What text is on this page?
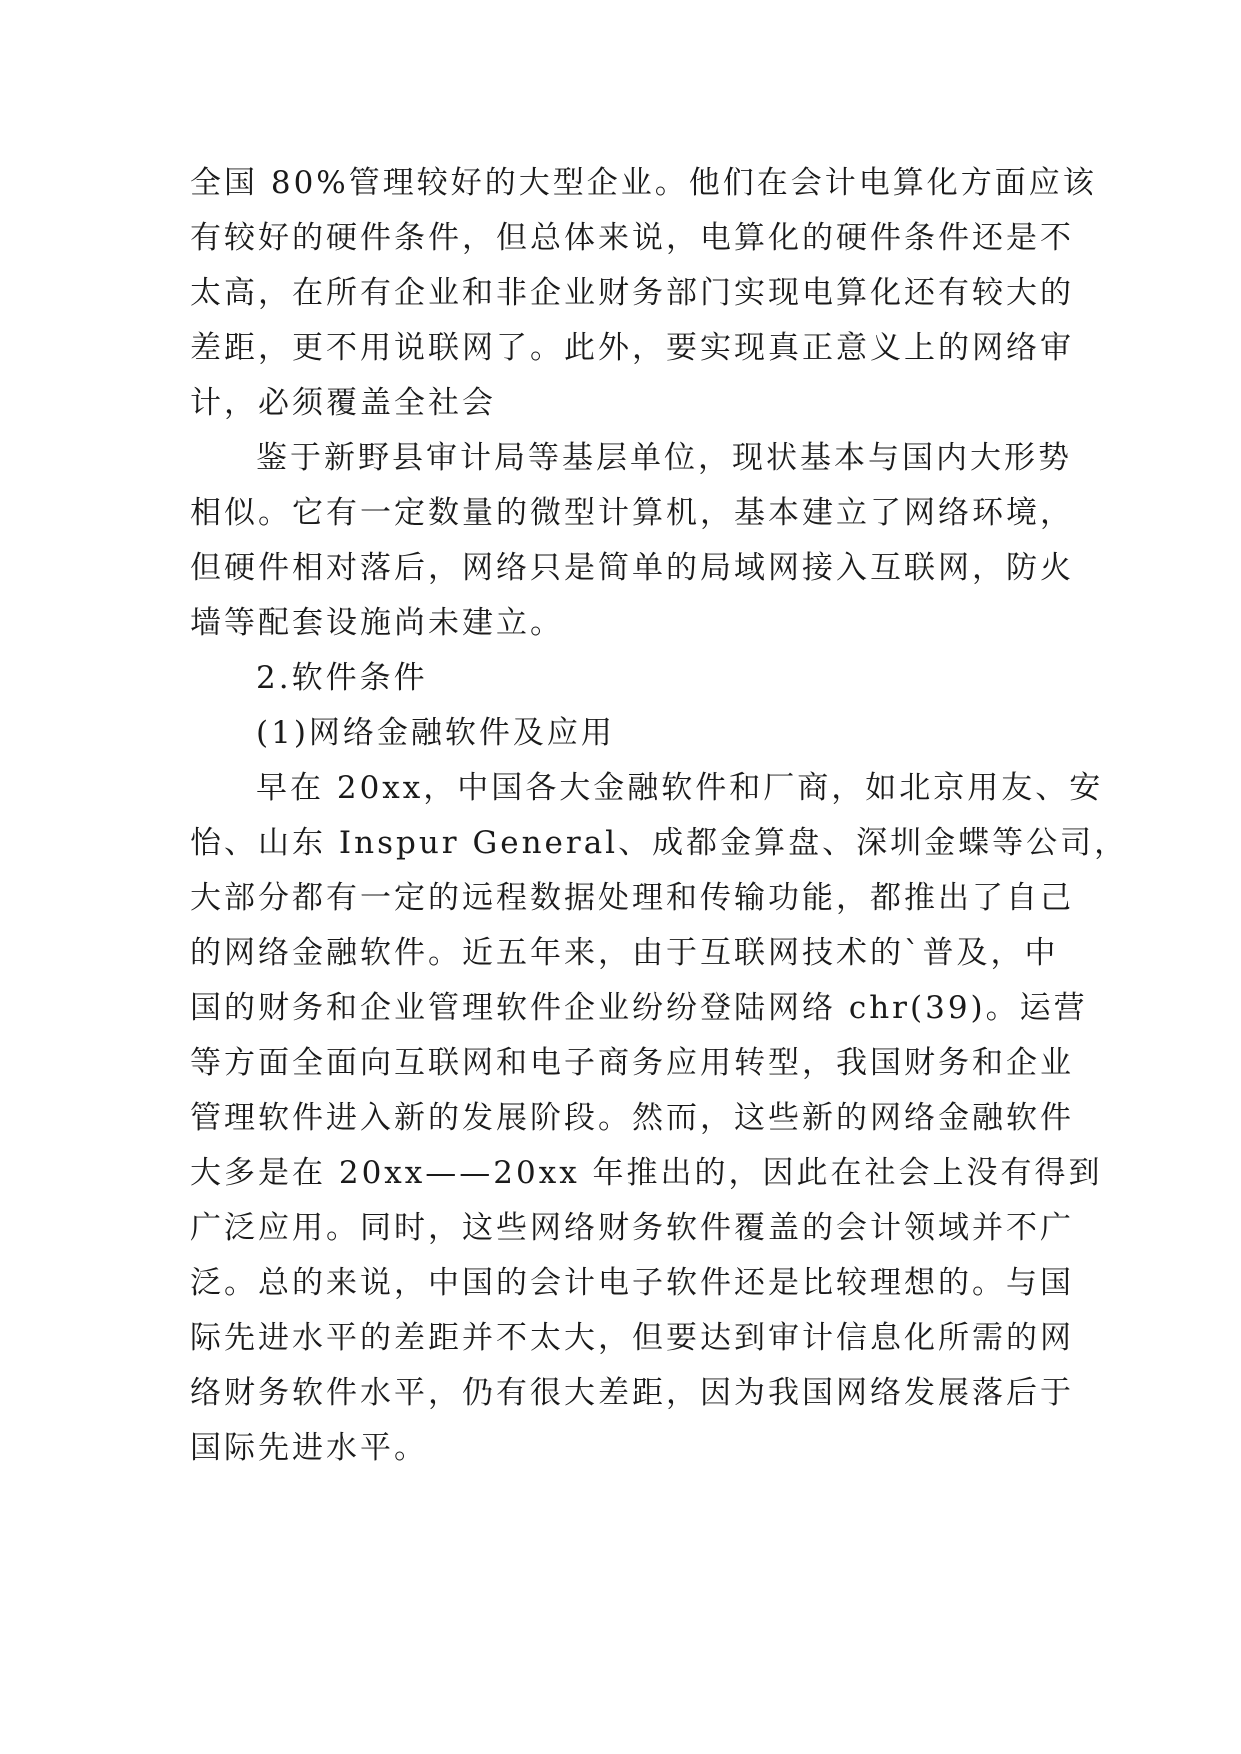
全国 80%管理较好的大型企业。他们在会计电算化方面应该
有较好的硬件条件，但总体来说，电算化的硬件条件还是不
太高，在所有企业和非企业财务部门实现电算化还有较大的
差距，更不用说联网了。此外，要实现真正意义上的网络审
计，必须覆盖全社会
鉴于新野县审计局等基层单位，现状基本与国内大形势
相似。它有一定数量的微型计算机，基本建立了网络环境，
但硬件相对落后，网络只是简单的局域网接入互联网，防火
墙等配套设施尚未建立。
2.软件条件
(1)网络金融软件及应用
早在 20xx，中国各大金融软件和厂商，如北京用友、安
怡、山东 Inspur General、成都金算盘、深圳金蝶等公司，
大部分都有一定的远程数据处理和传输功能，都推出了自己
的网络金融软件。近五年来，由于互联网技术的`普及，中
国的财务和企业管理软件企业纷纷登陆网络 chr(39)。运营
等方面全面向互联网和电子商务应用转型，我国财务和企业
管理软件进入新的发展阶段。然而，这些新的网络金融软件
大多是在 20xx——20xx 年推出的，因此在社会上没有得到
广泛应用。同时，这些网络财务软件覆盖的会计领域并不广
泛。总的来说，中国的会计电子软件还是比较理想的。与国
际先进水平的差距并不太大，但要达到审计信息化所需的网
络财务软件水平，仍有很大差距，因为我国网络发展落后于
国际先进水平。
